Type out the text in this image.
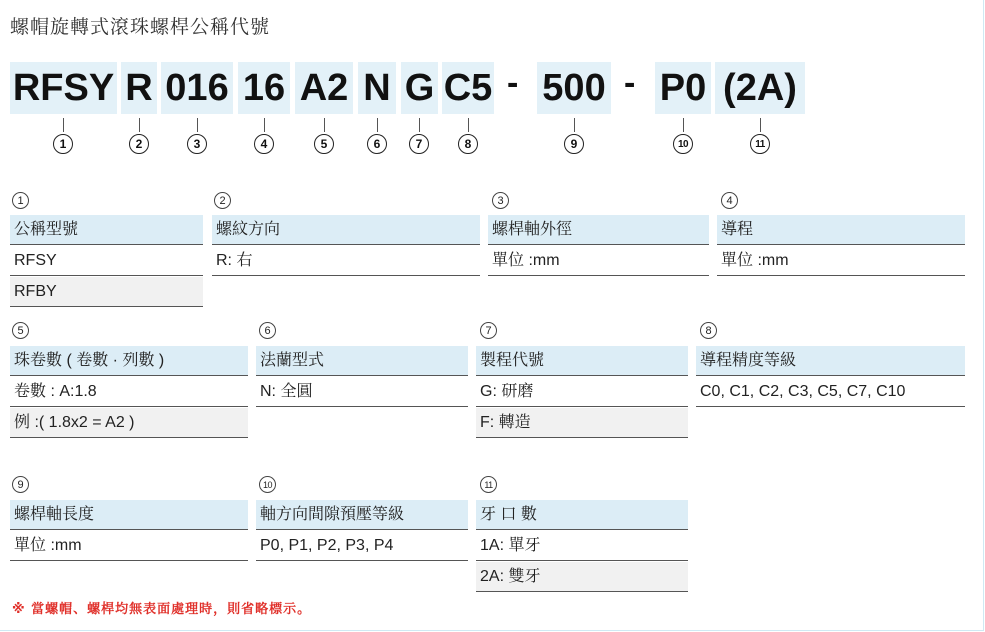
螺帽旋轉式滾珠螺桿公稱代號
RFSY R 016 16 A2 N G C5 - 500 - P0 (2A)
1	2	3	4	5	6	7	8	9	10	11
1
公稱型號
RFSY
RFBY
2
螺紋方向
R: 右
3
螺桿軸外徑
單位 :mm
4
導程
單位 :mm
5
珠卷數 ( 卷數 · 列數 )
卷數 : A:1.8
例 :( 1.8x2 = A2 )
6
法蘭型式
N: 全圓
7
製程代號
G: 研磨
F: 轉造
8
導程精度等級
C0, C1, C2, C3, C5, C7, C10
9
螺桿軸長度
單位 :mm
10
軸方向間隙預壓等級
P0, P1, P2, P3, P4
11
牙 口 數
1A: 單牙
2A: 雙牙
※ 當螺帽、螺桿均無表面處理時，則省略標示。
